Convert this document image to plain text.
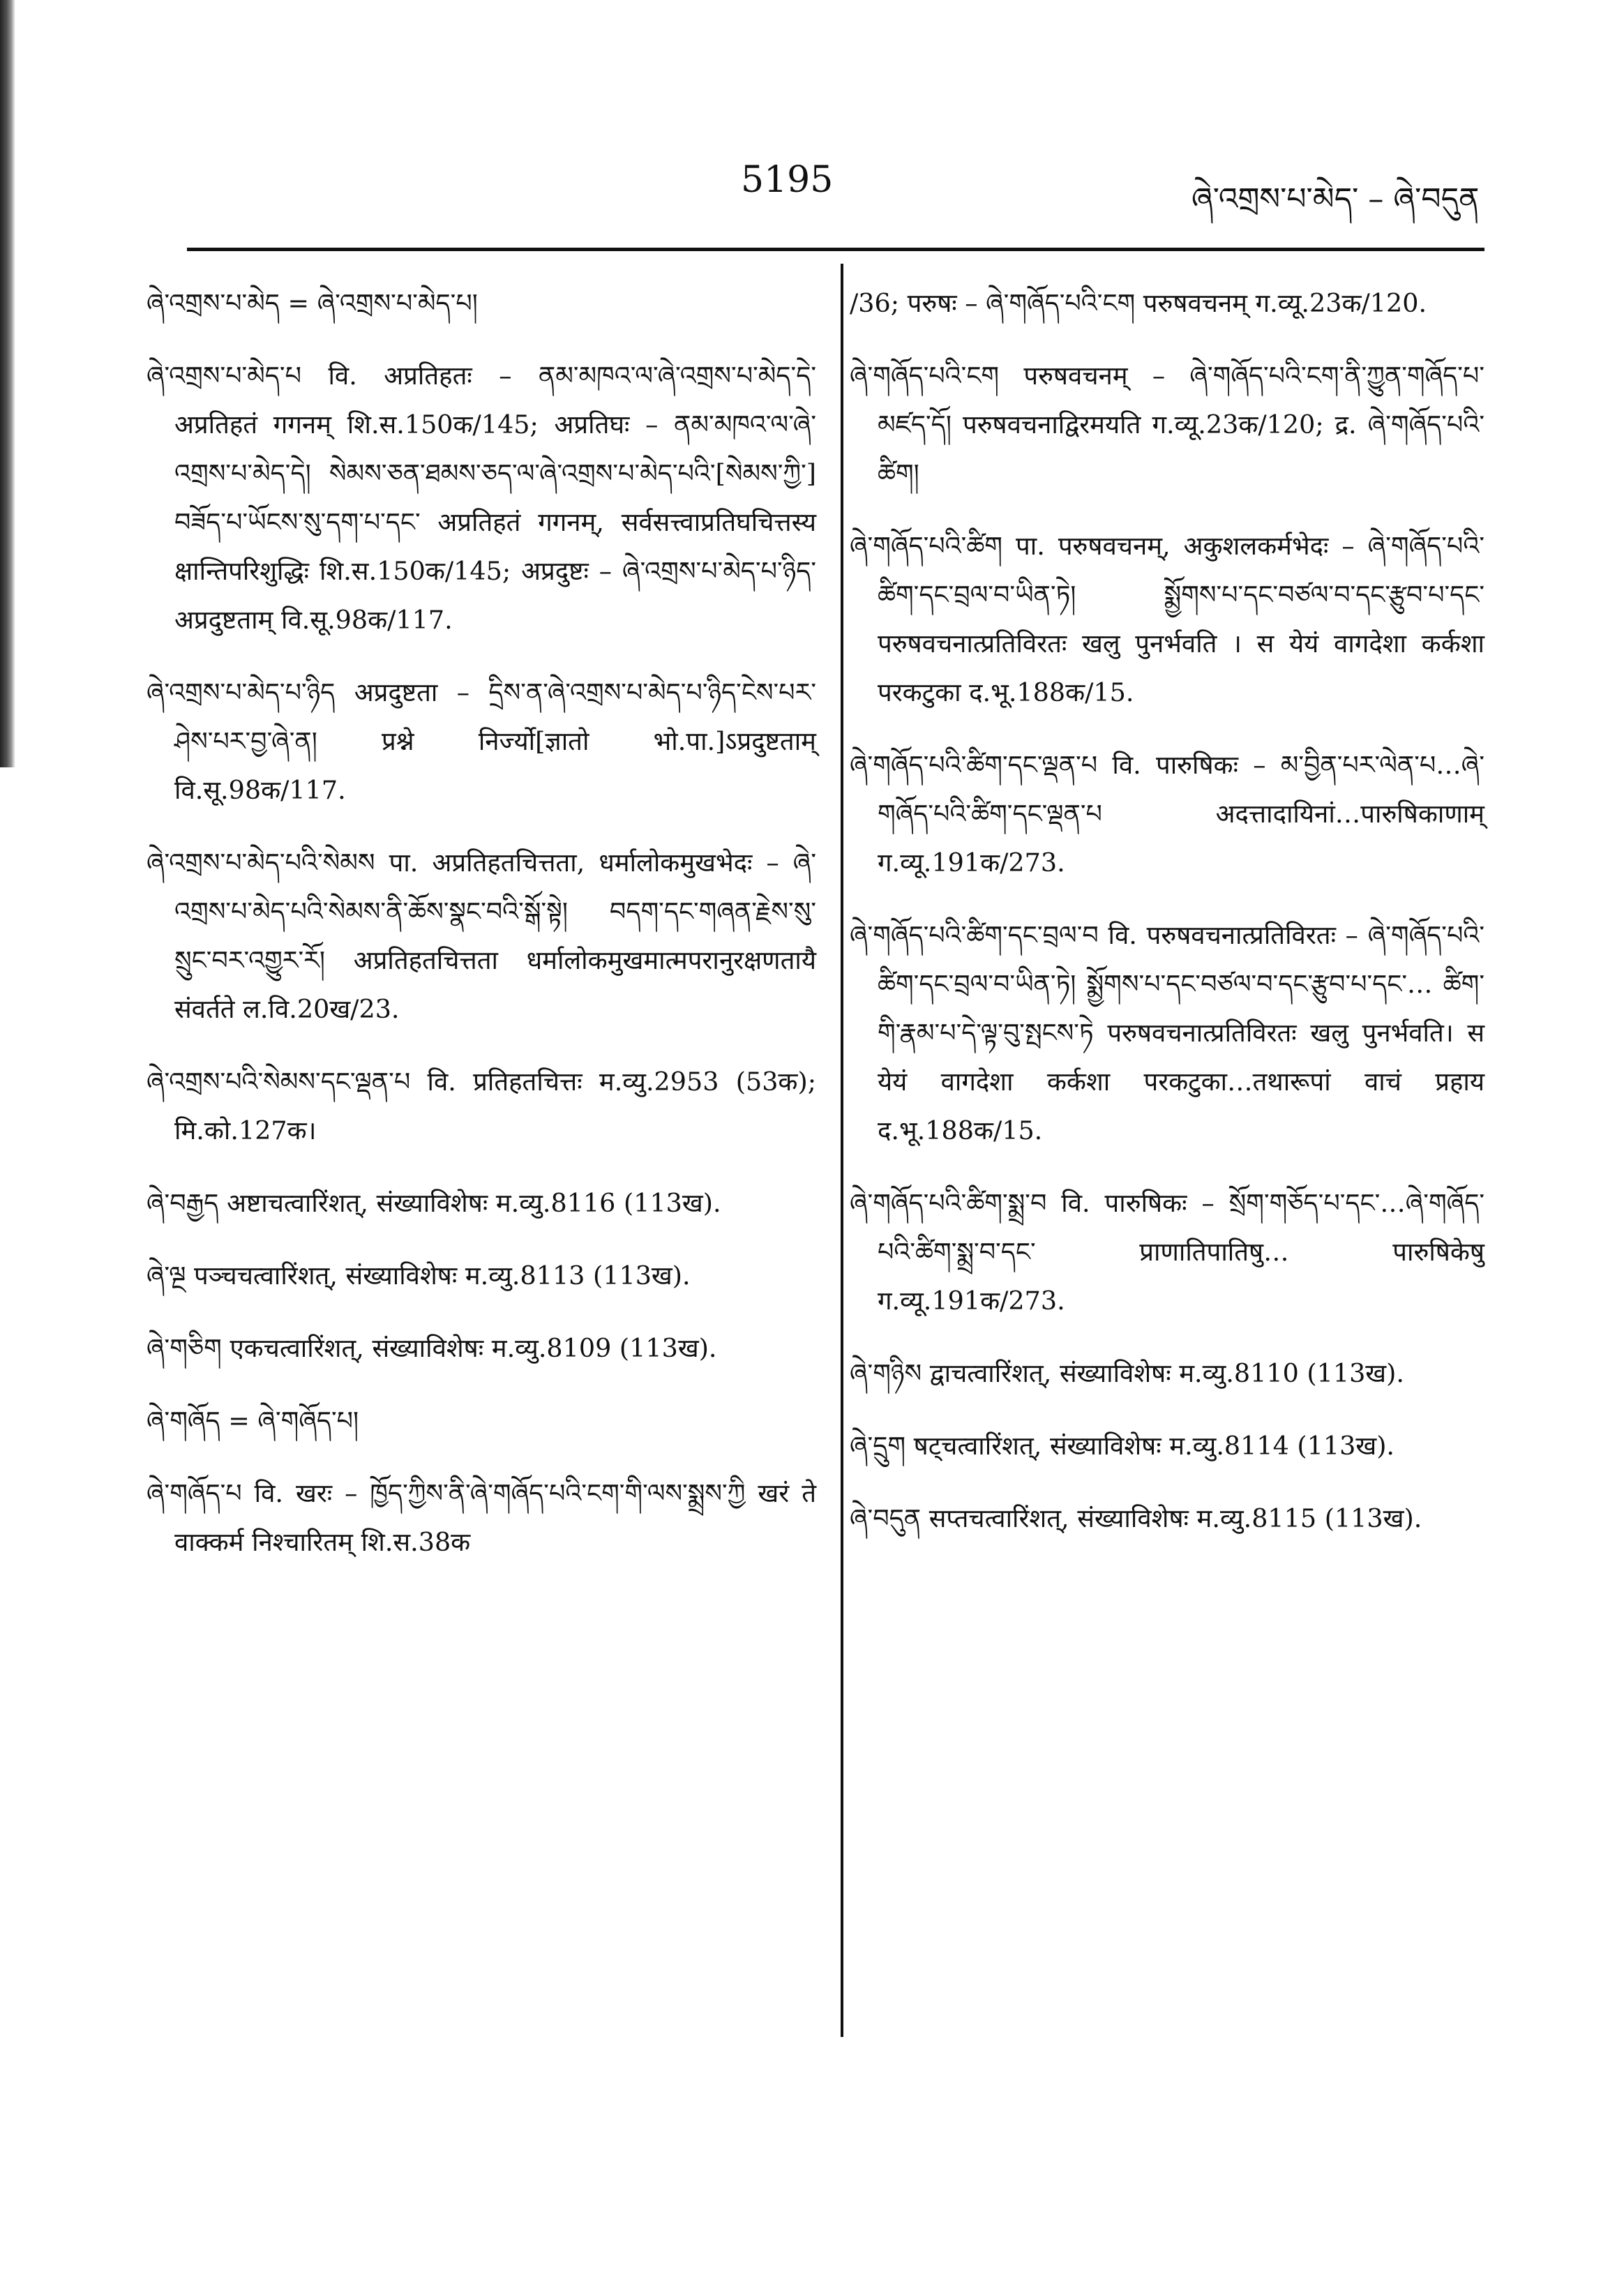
5195	ཞེ་འགྲས་པ་མེད་ – ཞེ་བདུན

ཞེ་འགྲས་པ་མེད = ཞེ་འགྲས་པ་མེད་པ།

ཞེ་འགྲས་པ་མེད་པ वि. अप्रतिहतः – ནམ་མཁའ་ལ་ཞེ་འགྲས་པ་མེད་དེ་ अप्रतिहतं गगनम् शि.स.150क/145; अप्रतिघः – ནམ་མཁའ་ལ་ཞེ་འགྲས་པ་མེད་དེ། སེམས་ཅན་ཐམས་ཅད་ལ་ཞེ་འགྲས་པ་མེད་པའི་[སེམས་ཀྱི་] བཟོད་པ་ཡོངས་སུ་དག་པ་དང་ अप्रतिहतं गगनम्, सर्वसत्त्वाप्रतिघचित्तस्य क्षान्तिपरिशुद्धिः शि.स.150क/145; अप्रदुष्टः – ཞེ་འགྲས་པ་མེད་པ་ཉིད་ अप्रदुष्टताम् वि.सू.98क/117.

ཞེ་འགྲས་པ་མེད་པ་ཉིད अप्रदुष्टता – དྲིས་ན་ཞེ་འགྲས་པ་མེད་པ་ཉིད་ངེས་པར་ཤེས་པར་བྱ་ཞེ་ན། प्रश्ने निर्ज्यो[ज्ञातो भो.पा.]ऽप्रदुष्टताम् वि.सू.98क/117.

ཞེ་འགྲས་པ་མེད་པའི་སེམས पा. अप्रतिहतचित्तता, धर्मालोकमुखभेदः – ཞེ་འགྲས་པ་མེད་པའི་སེམས་ནི་ཆོས་སྣང་བའི་སྒོ་སྟེ། བདག་དང་གཞན་རྗེས་སུ་སྲུང་བར་འགྱུར་རོ། अप्रतिहतचित्तता धर्मालोकमुखमात्मपरानुरक्षणतायै संवर्तते ल.वि.20ख/23.

ཞེ་འགྲས་པའི་སེམས་དང་ལྡན་པ वि. प्रतिहतचित्तः म.व्यु.2953 (53क); मि.को.127क।

ཞེ་བརྒྱད अष्टाचत्वारिंशत्, संख्याविशेषः म.व्यु.8116 (113ख).

ཞེ་ལྔ पञ्चचत्वारिंशत्, संख्याविशेषः म.व्यु.8113 (113ख).

ཞེ་གཅིག एकचत्वारिंशत्, संख्याविशेषः म.व्यु.8109 (113ख).

ཞེ་གཞོད = ཞེ་གཞོད་པ།

ཞེ་གཞོད་པ वि. खरः – ཁྱོད་ཀྱིས་ནི་ཞེ་གཞོད་པའི་ངག་གི་ལས་སྨྲས་ཀྱི खरं ते वाक्कर्म निश्चारितम् शि.स.38क

/36; परुषः – ཞེ་གཞོད་པའི་ངག परुषवचनम् ग.व्यू.23क/120.

ཞེ་གཞོད་པའི་ངག परुषवचनम् – ཞེ་གཞོད་པའི་ངག་ནི་ཀྱུན་གཞོད་པ་མཛད་དོ། परुषवचनाद्विरमयति ग.व्यू.23क/120; द्र. ཞེ་གཞོད་པའི་ཚིག།

ཞེ་གཞོད་པའི་ཚིག पा. परुषवचनम्, अकुशलकर्मभेदः – ཞེ་གཞོད་པའི་ཚིག་དང་བྲལ་བ་ཡིན་ཏེ། སྨྱོགས་པ་དང་བཙལ་བ་དང་རྩུབ་པ་དང་ परुषवचनात्प्रतिविरतः खलु पुनर्भवति । स येयं वागदेशा कर्कशा परकटुका द.भू.188क/15.

ཞེ་གཞོད་པའི་ཚིག་དང་ལྡན་པ वि. पारुषिकः – མ་བྱིན་པར་ལེན་པ…ཞེ་གཞོད་པའི་ཚིག་དང་ལྡན་པ अदत्तादायिनां…पारुषिकाणाम् ग.व्यू.191क/273.

ཞེ་གཞོད་པའི་ཚིག་དང་བྲལ་བ वि. परुषवचनात्प्रतिविरतः – ཞེ་གཞོད་པའི་ཚིག་དང་བྲལ་བ་ཡིན་ཏེ། སྨྱོགས་པ་དང་བཙལ་བ་དང་རྩུབ་པ་དང་… ཚིག་གི་རྣམ་པ་དེ་ལྟ་བུ་སྤངས་ཏེ परुषवचनात्प्रतिविरतः खलु पुनर्भवति। स येयं वागदेशा कर्कशा परकटुका…तथारूपां वाचं प्रहाय द.भू.188क/15.

ཞེ་གཞོད་པའི་ཚིག་སྨྲ་བ वि. पारुषिकः – སྲོག་གཅོད་པ་དང་…ཞེ་གཞོད་པའི་ཚིག་སྨྲ་བ་དང་ प्राणातिपातिषु… पारुषिकेषु ग.व्यू.191क/273.

ཞེ་གཉིས द्वाचत्वारिंशत्, संख्याविशेषः म.व्यु.8110 (113ख).

ཞེ་དྲུག षट्चत्वारिंशत्, संख्याविशेषः म.व्यु.8114 (113ख).

ཞེ་བདུན सप्तचत्वारिंशत्, संख्याविशेषः म.व्यु.8115 (113ख).
